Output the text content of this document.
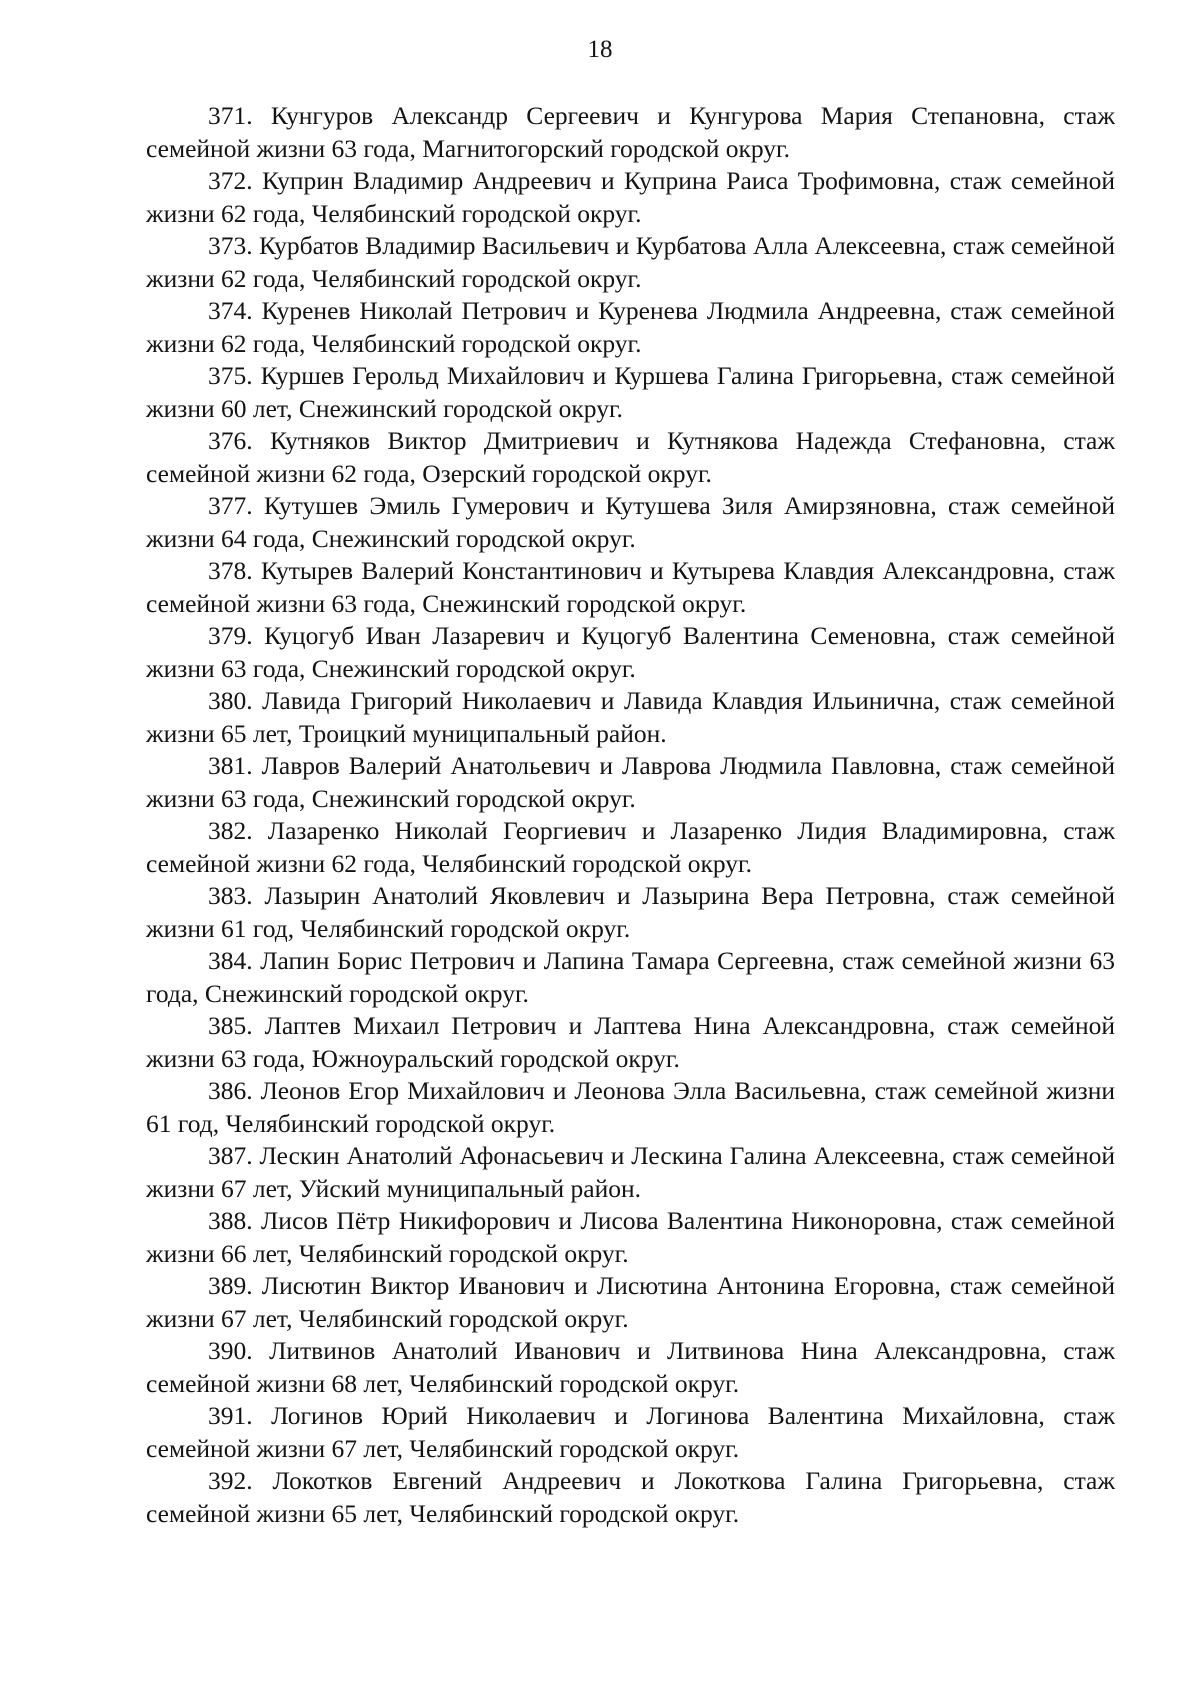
18

371. Кунгуров Александр Сергеевич и Кунгурова Мария Степановна, стаж семейной жизни 63 года, Магнитогорский городской округ.

372. Куприн Владимир Андреевич и Куприна Раиса Трофимовна, стаж семейной жизни 62 года, Челябинский городской округ.

373. Курбатов Владимир Васильевич и Курбатова Алла Алексеевна, стаж семейной жизни 62 года, Челябинский городской округ.

374. Куренев Николай Петрович и Куренева Людмила Андреевна, стаж семейной жизни 62 года, Челябинский городской округ.

375. Куршев Герольд Михайлович и Куршева Галина Григорьевна, стаж семейной жизни 60 лет, Снежинский городской округ.

376. Кутняков Виктор Дмитриевич и Кутнякова Надежда Стефановна, стаж семейной жизни 62 года, Озерский городской округ.

377. Кутушев Эмиль Гумерович и Кутушева Зиля Амирзяновна, стаж семейной жизни 64 года, Снежинский городской округ.

378. Кутырев Валерий Константинович и Кутырева Клавдия Александровна, стаж семейной жизни 63 года, Снежинский городской округ.

379. Куцогуб Иван Лазаревич и Куцогуб Валентина Семеновна, стаж семейной жизни 63 года, Снежинский городской округ.

380. Лавида Григорий Николаевич и Лавида Клавдия Ильинична, стаж семейной жизни 65 лет, Троицкий муниципальный район.

381. Лавров Валерий Анатольевич и Лаврова Людмила Павловна, стаж семейной жизни 63 года, Снежинский городской округ.

382. Лазаренко Николай Георгиевич и Лазаренко Лидия Владимировна, стаж семейной жизни 62 года, Челябинский городской округ.

383. Лазырин Анатолий Яковлевич и Лазырина Вера Петровна, стаж семейной жизни 61 год, Челябинский городской округ.

384. Лапин Борис Петрович и Лапина Тамара Сергеевна, стаж семейной жизни 63 года, Снежинский городской округ.

385. Лаптев Михаил Петрович и Лаптева Нина Александровна, стаж семейной жизни 63 года, Южноуральский городской округ.

386. Леонов Егор Михайлович и Леонова Элла Васильевна, стаж семейной жизни 61 год, Челябинский городской округ.

387. Лескин Анатолий Афонасьевич и Лескина Галина Алексеевна, стаж семейной жизни 67 лет, Уйский муниципальный район.

388. Лисов Пётр Никифорович и Лисова Валентина Никоноровна, стаж семейной жизни 66 лет, Челябинский городской округ.

389. Лисютин Виктор Иванович и Лисютина Антонина Егоровна, стаж семейной жизни 67 лет, Челябинский городской округ.

390. Литвинов Анатолий Иванович и Литвинова Нина Александровна, стаж семейной жизни 68 лет, Челябинский городской округ.

391. Логинов Юрий Николаевич и Логинова Валентина Михайловна, стаж семейной жизни 67 лет, Челябинский городской округ.

392. Локотков Евгений Андреевич и Локоткова Галина Григорьевна, стаж семейной жизни 65 лет, Челябинский городской округ.
